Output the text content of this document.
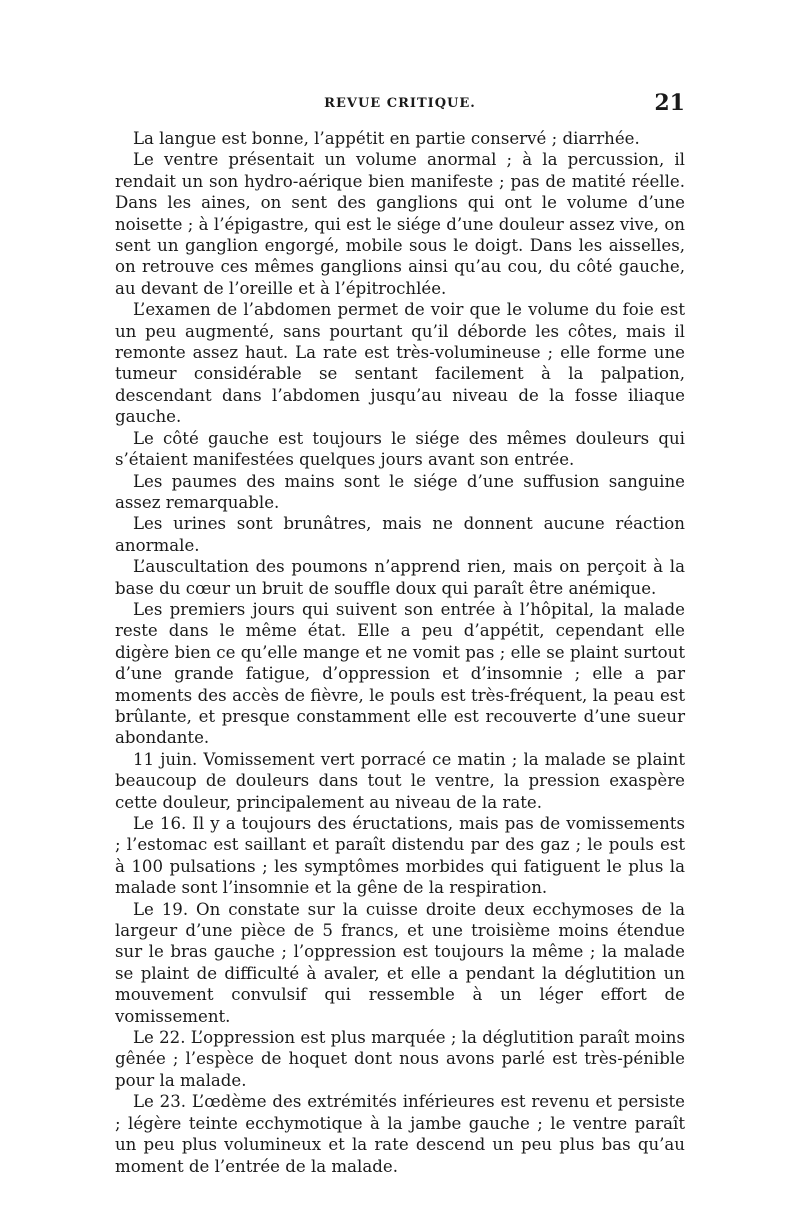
REVUE CRITIQUE.	21

La langue est bonne, l’appétit en partie conservé ; diarrhée.

Le ventre présentait un volume anormal ; à la percussion, il rendait un son hydro-aérique bien manifeste ; pas de matité réelle. Dans les aines, on sent des ganglions qui ont le volume d’une noisette ; à l’épigastre, qui est le siége d’une douleur assez vive, on sent un ganglion engorgé, mobile sous le doigt. Dans les aisselles, on retrouve ces mêmes ganglions ainsi qu’au cou, du côté gauche, au devant de l’oreille et à l’épitrochlée.

L’examen de l’abdomen permet de voir que le volume du foie est un peu augmenté, sans pourtant qu’il déborde les côtes, mais il remonte assez haut. La rate est très-volumineuse ; elle forme une tumeur considérable se sentant facilement à la palpation, descendant dans l’abdomen jusqu’au niveau de la fosse iliaque gauche.

Le côté gauche est toujours le siége des mêmes douleurs qui s’étaient manifestées quelques jours avant son entrée.

Les paumes des mains sont le siége d’une suffusion sanguine assez remarquable.

Les urines sont brunâtres, mais ne donnent aucune réaction anormale.

L’auscultation des poumons n’apprend rien, mais on perçoit à la base du cœur un bruit de souffle doux qui paraît être anémique.

Les premiers jours qui suivent son entrée à l’hôpital, la malade reste dans le même état. Elle a peu d’appétit, cependant elle digère bien ce qu’elle mange et ne vomit pas ; elle se plaint surtout d’une grande fatigue, d’oppression et d’insomnie ; elle a par moments des accès de fièvre, le pouls est très-fréquent, la peau est brûlante, et presque constamment elle est recouverte d’une sueur abondante.

11 juin. Vomissement vert porracé ce matin ; la malade se plaint beaucoup de douleurs dans tout le ventre, la pression exaspère cette douleur, principalement au niveau de la rate.

Le 16. Il y a toujours des éructations, mais pas de vomissements ; l’estomac est saillant et paraît distendu par des gaz ; le pouls est à 100 pulsations ; les symptômes morbides qui fatiguent le plus la malade sont l’insomnie et la gêne de la respiration.

Le 19. On constate sur la cuisse droite deux ecchymoses de la largeur d’une pièce de 5 francs, et une troisième moins étendue sur le bras gauche ; l’oppression est toujours la même ; la malade se plaint de difficulté à avaler, et elle a pendant la déglutition un mouvement convulsif qui ressemble à un léger effort de vomissement.

Le 22. L’oppression est plus marquée ; la déglutition paraît moins gênée ; l’espèce de hoquet dont nous avons parlé est très-pénible pour la malade.

Le 23. L’œdème des extrémités inférieures est revenu et persiste ; légère teinte ecchymotique à la jambe gauche ; le ventre paraît un peu plus volumineux et la rate descend un peu plus bas qu’au moment de l’entrée de la malade.
